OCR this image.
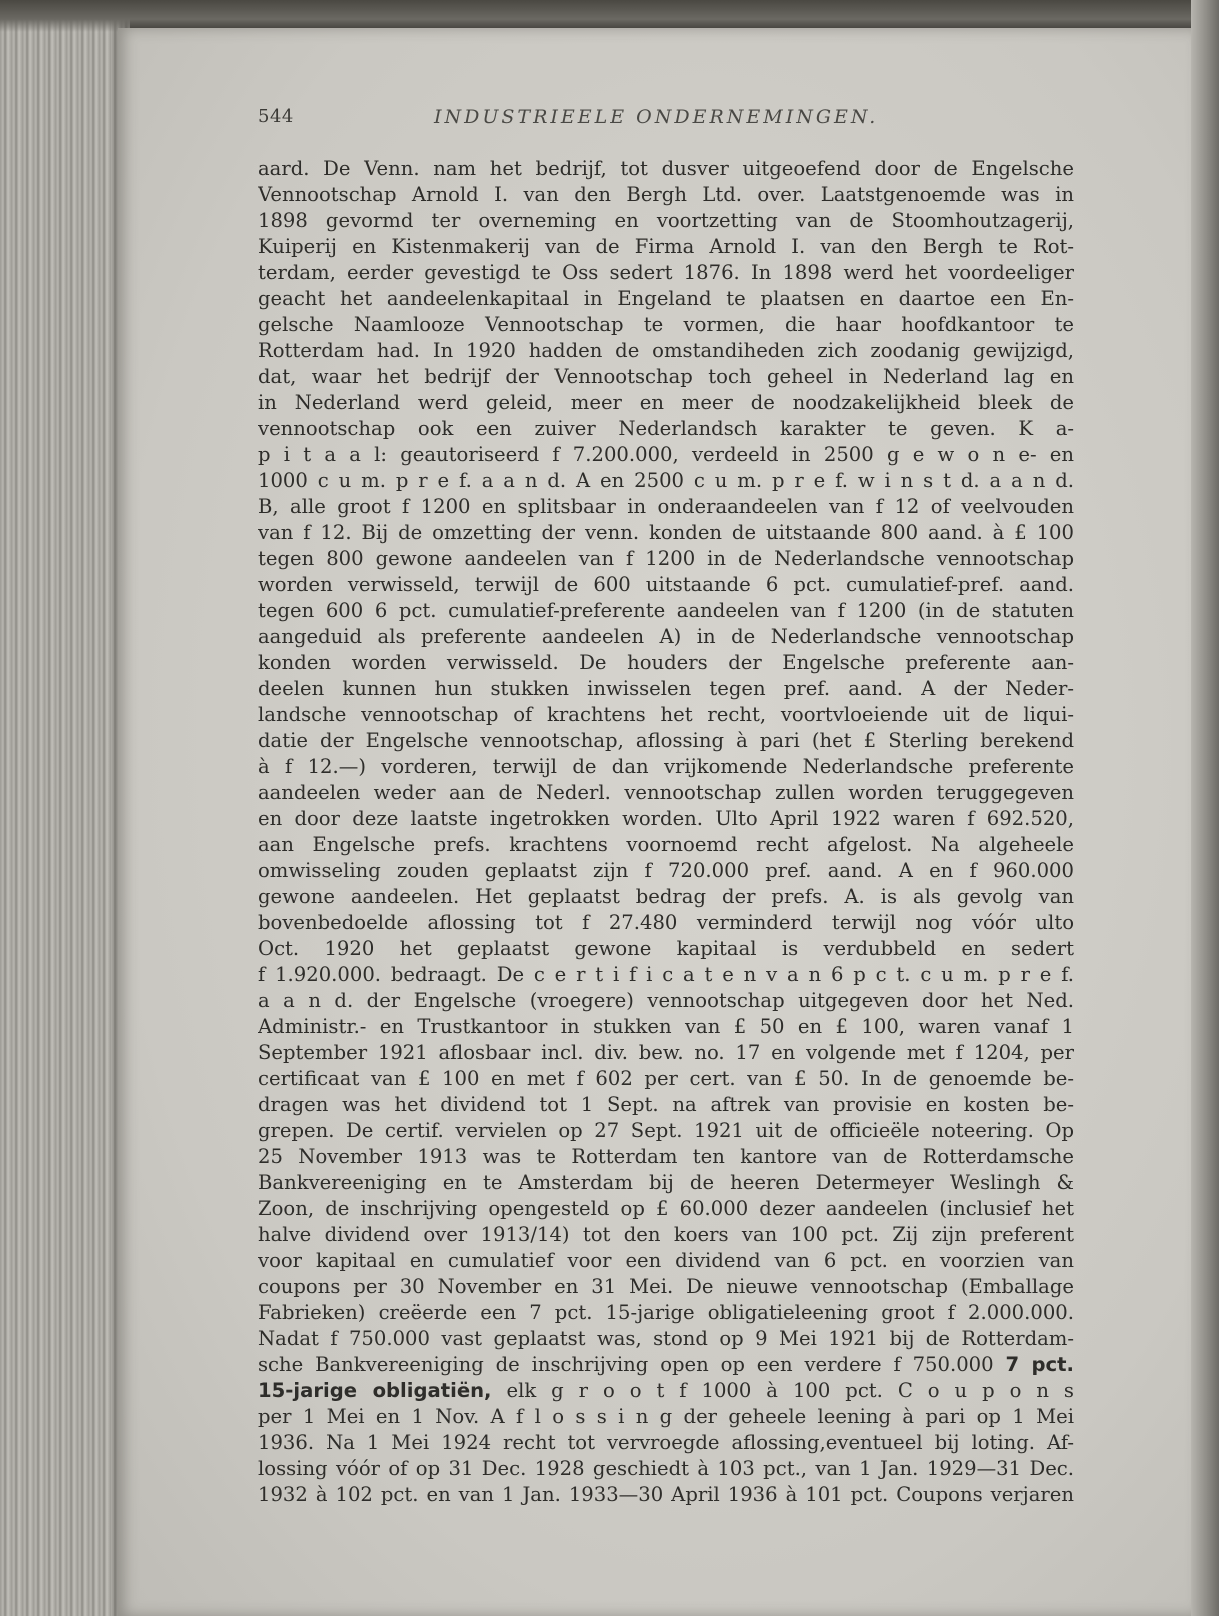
544	INDUSTRIEELE ONDERNEMINGEN.
aard. De Venn. nam het bedrijf, tot dusver uitgeoefend door de Engelsche
Vennootschap Arnold I. van den Bergh Ltd. over. Laatstgenoemde was in
1898 gevormd ter overneming en voortzetting van de Stoomhoutzagerij,
Kuiperij en Kistenmakerij van de Firma Arnold I. van den Bergh te Rot-
terdam, eerder gevestigd te Oss sedert 1876. In 1898 werd het voordeeliger
geacht het aandeelenkapitaal in Engeland te plaatsen en daartoe een En-
gelsche Naamlooze Vennootschap te vormen, die haar hoofdkantoor te
Rotterdam had. In 1920 hadden de omstandiheden zich zoodanig gewijzigd,
dat, waar het bedrijf der Vennootschap toch geheel in Nederland lag en
in Nederland werd geleid, meer en meer de noodzakelijkheid bleek de
vennootschap ook een zuiver Nederlandsch karakter te geven. K a-
p i t a a l: geautoriseerd f 7.200.000, verdeeld in 2500 g e w o n e- en
1000 c u m. p r e f. a a n d. A en 2500 c u m. p r e f. w i n s t d. a a n d.
B, alle groot f 1200 en splitsbaar in onderaandeelen van f 12 of veelvouden
van f 12. Bij de omzetting der venn. konden de uitstaande 800 aand. à £ 100
tegen 800 gewone aandeelen van f 1200 in de Nederlandsche vennootschap
worden verwisseld, terwijl de 600 uitstaande 6 pct. cumulatief-pref. aand.
tegen 600 6 pct. cumulatief-preferente aandeelen van f 1200 (in de statuten
aangeduid als preferente aandeelen A) in de Nederlandsche vennootschap
konden worden verwisseld. De houders der Engelsche preferente aan-
deelen kunnen hun stukken inwisselen tegen pref. aand. A der Neder-
landsche vennootschap of krachtens het recht, voortvloeiende uit de liqui-
datie der Engelsche vennootschap, aflossing à pari (het £ Sterling berekend
à f 12.—) vorderen, terwijl de dan vrijkomende Nederlandsche preferente
aandeelen weder aan de Nederl. vennootschap zullen worden teruggegeven
en door deze laatste ingetrokken worden. Ulto April 1922 waren f 692.520,
aan Engelsche prefs. krachtens voornoemd recht afgelost. Na algeheele
omwisseling zouden geplaatst zijn f 720.000 pref. aand. A en f 960.000
gewone aandeelen. Het geplaatst bedrag der prefs. A. is als gevolg van
bovenbedoelde aflossing tot f 27.480 verminderd terwijl nog vóór ulto
Oct. 1920 het geplaatst gewone kapitaal is verdubbeld en sedert
f 1.920.000. bedraagt. De c e r t i f i c a t e n v a n 6 p c t. c u m. p r e f.
a a n d. der Engelsche (vroegere) vennootschap uitgegeven door het Ned.
Administr.- en Trustkantoor in stukken van £ 50 en £ 100, waren vanaf 1
September 1921 aflosbaar incl. div. bew. no. 17 en volgende met f 1204, per
certificaat van £ 100 en met f 602 per cert. van £ 50. In de genoemde be-
dragen was het dividend tot 1 Sept. na aftrek van provisie en kosten be-
grepen. De certif. vervielen op 27 Sept. 1921 uit de officieële noteering. Op
25 November 1913 was te Rotterdam ten kantore van de Rotterdamsche
Bankvereeniging en te Amsterdam bij de heeren Determeyer Weslingh &
Zoon, de inschrijving opengesteld op £ 60.000 dezer aandeelen (inclusief het
halve dividend over 1913/14) tot den koers van 100 pct. Zij zijn preferent
voor kapitaal en cumulatief voor een dividend van 6 pct. en voorzien van
coupons per 30 November en 31 Mei. De nieuwe vennootschap (Emballage
Fabrieken) creëerde een 7 pct. 15-jarige obligatieleening groot f 2.000.000.
Nadat f 750.000 vast geplaatst was, stond op 9 Mei 1921 bij de Rotterdam-
sche Bankvereeniging de inschrijving open op een verdere f 750.000 7 pct.
15-jarige obligatiën, elk g r o o t f 1000 à 100 pct. C o u p o n s
per 1 Mei en 1 Nov. A f l o s s i n g der geheele leening à pari op 1 Mei
1936. Na 1 Mei 1924 recht tot vervroegde aflossing,eventueel bij loting. Af-
lossing vóór of op 31 Dec. 1928 geschiedt à 103 pct., van 1 Jan. 1929—31 Dec.
1932 à 102 pct. en van 1 Jan. 1933—30 April 1936 à 101 pct. Coupons verjaren
